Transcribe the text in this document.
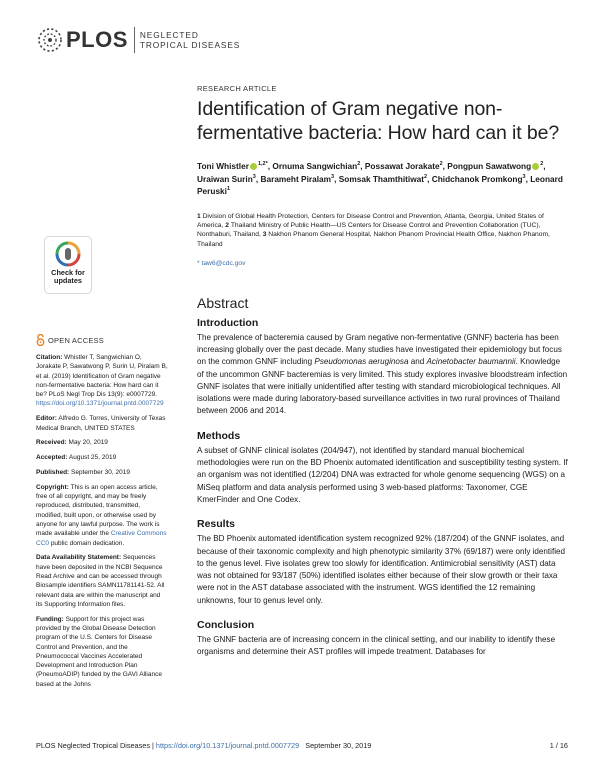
PLOS NEGLECTED
TROPICAL DISEASES
Check for
updates
OPEN ACCESS

Citation: Whistler T, Sangwichian O, Jorakate P, Sawatwong P, Surin U, Piralam B, et al. (2019) Identification of Gram negative non-fermentative bacteria: How hard can it be? PLoS Negl Trop Dis 13(9): e0007729. https://doi.org/10.1371/journal.pntd.0007729

Editor: Alfredo G. Torres, University of Texas Medical Branch, UNITED STATES

Received: May 20, 2019

Accepted: August 25, 2019

Published: September 30, 2019

Copyright: This is an open access article, free of all copyright, and may be freely reproduced, distributed, transmitted, modified, built upon, or otherwise used by anyone for any lawful purpose. The work is made available under the Creative Commons CC0 public domain dedication.

Data Availability Statement: Sequences have been deposited in the NCBI Sequence Read Archive and can be accessed through Biosample identifiers SAMN11781141-52. All relevant data are within the manuscript and its Supporting Information files.

Funding: Support for this project was provided by the Global Disease Detection program of the U.S. Centers for Disease Control and Prevention, and the Pneumococcal Vaccines Accelerated Development and Introduction Plan (PneumoADIP) funded by the GAVI Alliance based at the Johns

RESEARCH ARTICLE
Identification of Gram negative non-fermentative bacteria: How hard can it be?
Toni Whistler $^{1,2*}$, Ornuma Sangwichian$^2$, Possawat Jorakate$^2$, Pongpun Sawatwong $^2$, Uraiwan Surin$^3$, Barameht Piralam$^3$, Somsak Thamthitiwat$^2$, Chidchanok Promkong$^3$, Leonard Peruski$^1$
1 Division of Global Health Protection, Centers for Disease Control and Prevention, Atlanta, Georgia, United States of America, 2 Thailand Ministry of Public Health—US Centers for Disease Control and Prevention Collaboration (TUC), Nonthaburi, Thailand, 3 Nakhon Phanom General Hospital, Nakhon Phanom Provincial Health Office, Nakhon Phanom, Thailand
* taw6@cdc.gov
Abstract
Introduction

The prevalence of bacteremia caused by Gram negative non-fermentative (GNNF) bacteria has been increasing globally over the past decade. Many studies have investigated their epidemiology but focus on the common GNNF including Pseudomonas aeruginosa and Acinetobacter baumannii. Knowledge of the uncommon GNNF bacteremias is very limited. This study explores invasive bloodstream infection GNNF isolates that were initially unidentified after testing with standard microbiological techniques. All isolations were made during laboratory-based surveillance activities in two rural provinces of Thailand between 2006 and 2014.

Methods

A subset of GNNF clinical isolates (204/947), not identified by standard manual biochemical methodologies were run on the BD Phoenix automated identification and susceptibility testing system. If an organism was not identified (12/204) DNA was extracted for whole genome sequencing (WGS) on a MiSeq platform and data analysis performed using 3 web-based platforms: Taxonomer, CGE KmerFinder and One Codex.

Results

The BD Phoenix automated identification system recognized 92% (187/204) of the GNNF isolates, and because of their taxonomic complexity and high phenotypic similarity 37% (69/187) were only identified to the genus level. Five isolates grew too slowly for identification. Antimicrobial sensitivity (AST) data was not obtained for 93/187 (50%) identified isolates either because of their slow growth or their taxa were not in the AST database associated with the instrument. WGS identified the 12 remaining unknowns, four to genus level only.

Conclusion

The GNNF bacteria are of increasing concern in the clinical setting, and our inability to identify these organisms and determine their AST profiles will impede treatment. Databases for

PLOS Neglected Tropical Diseases | https://doi.org/10.1371/journal.pntd.0007729 September 30, 2019	1 / 16
